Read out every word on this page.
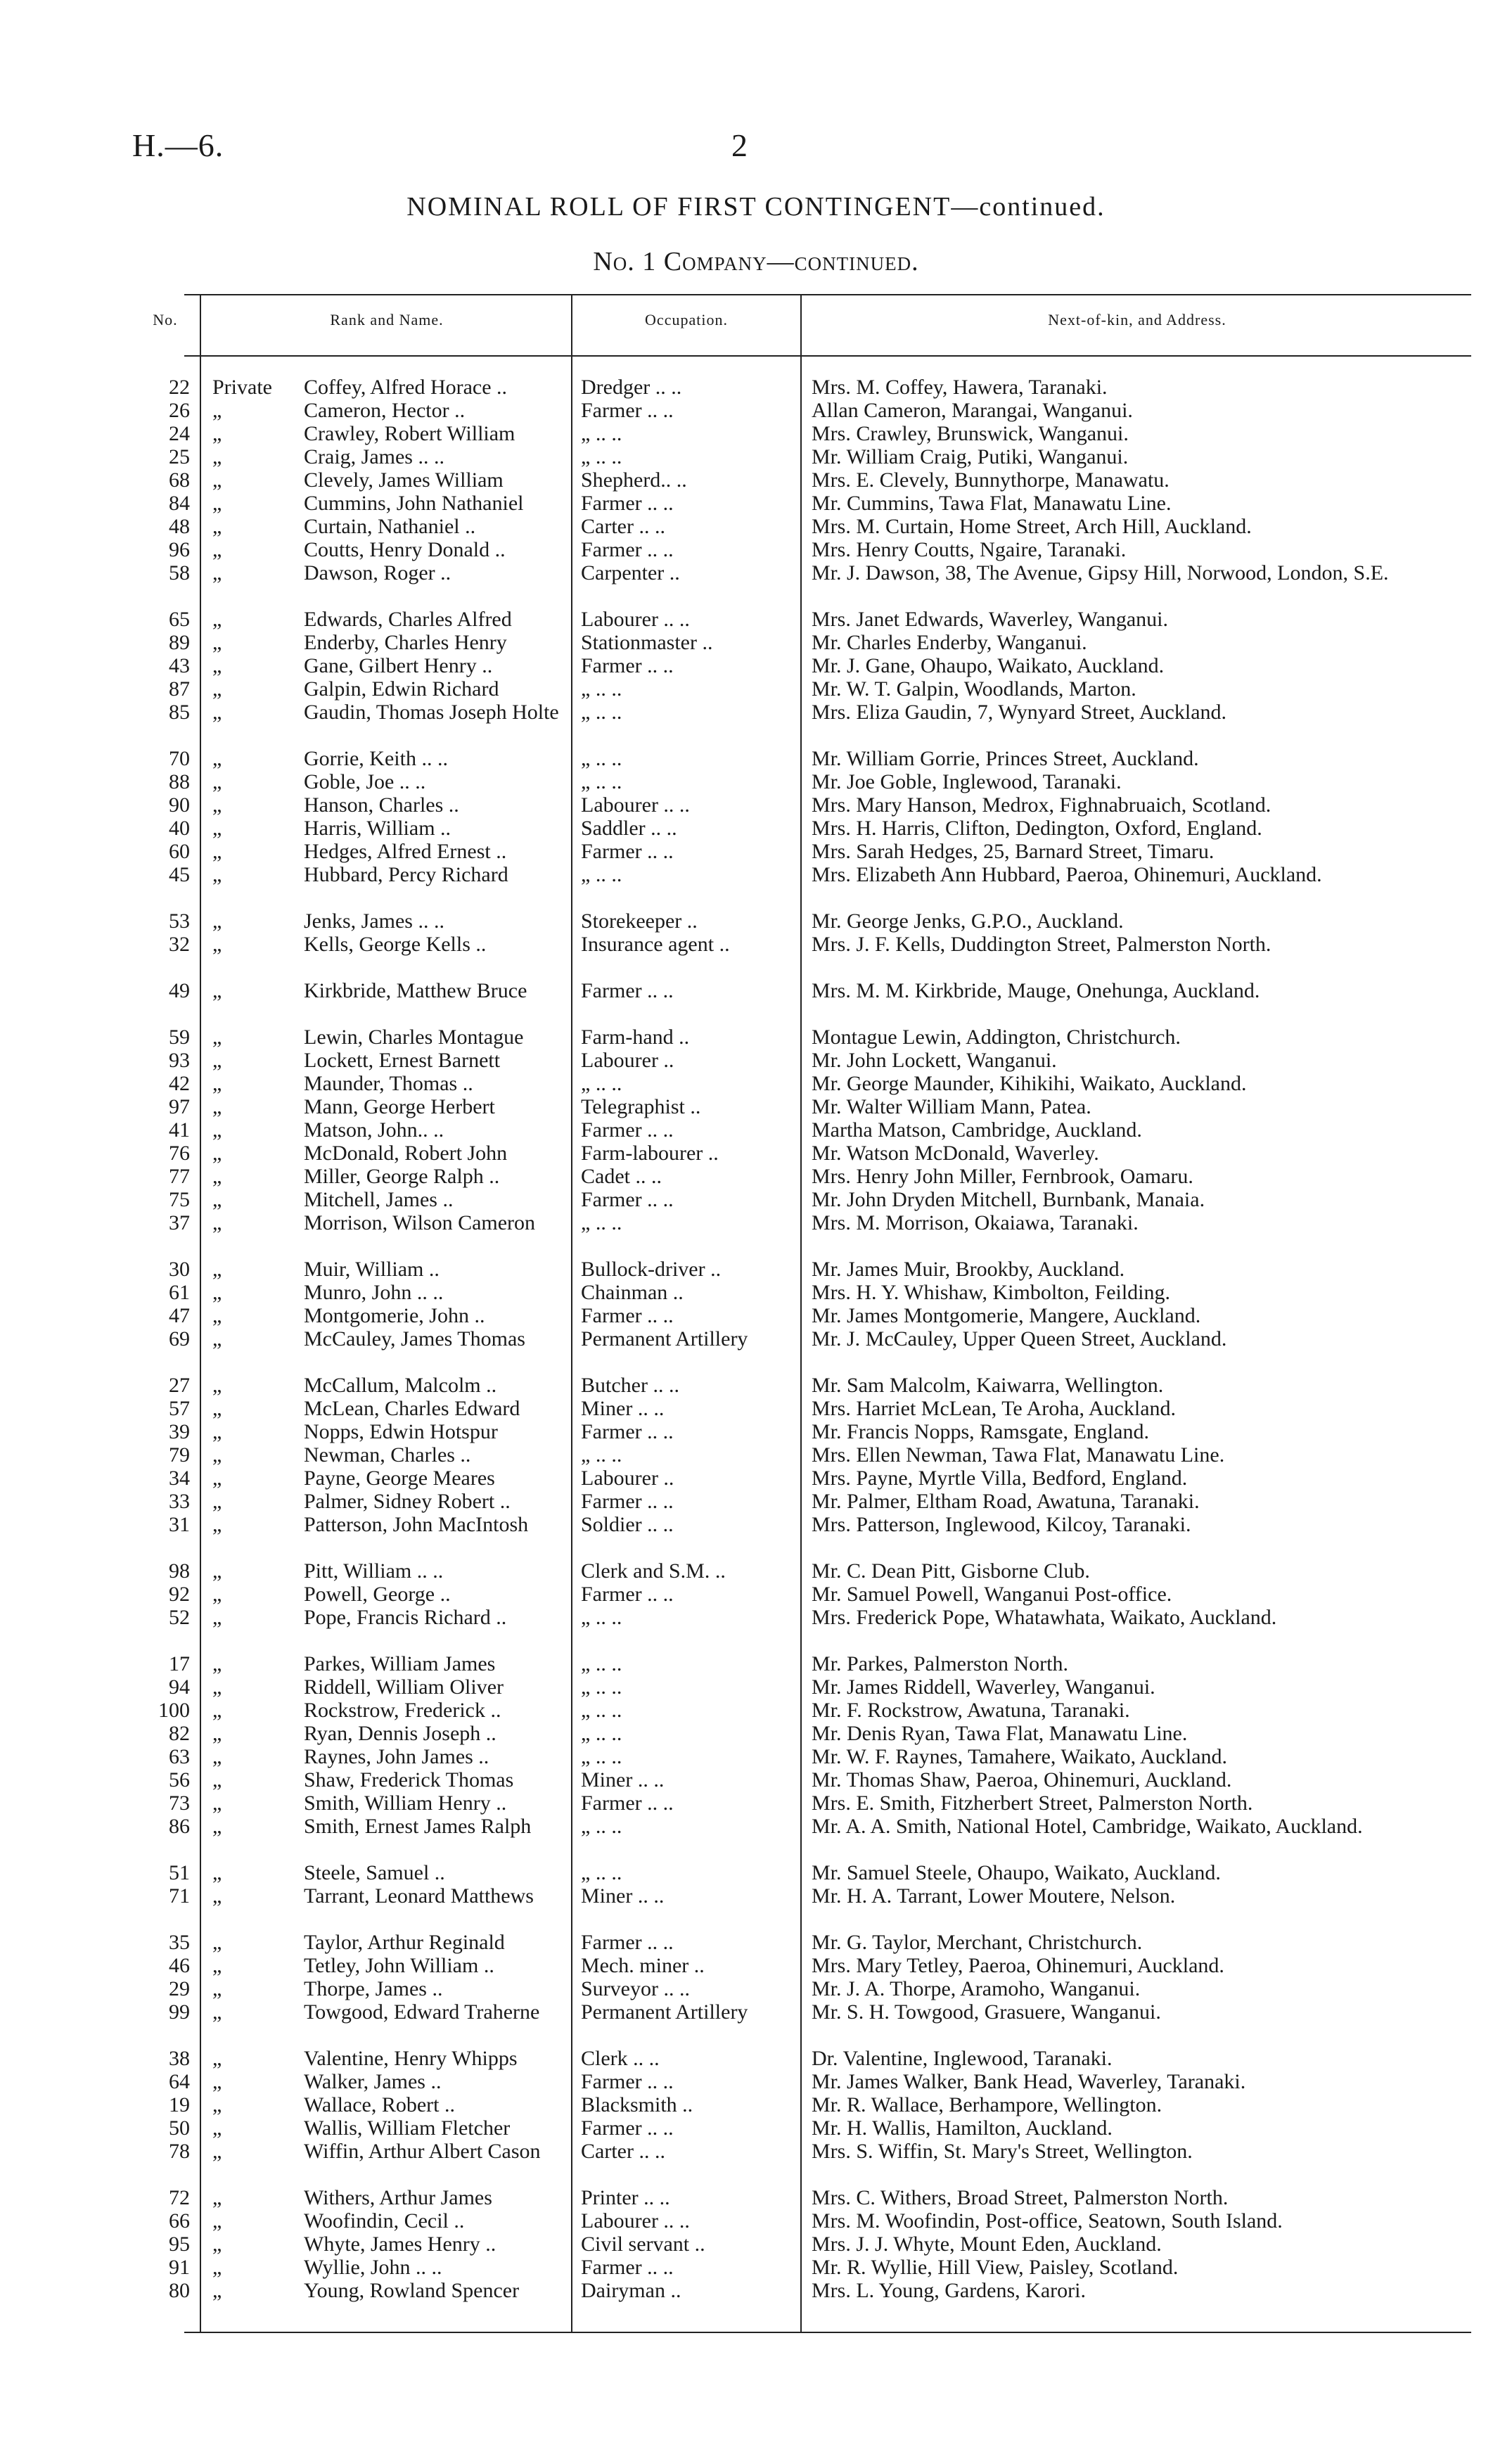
H.—6.	2
NOMINAL ROLL OF FIRST CONTINGENT—continued.
No. 1 Company—continued.
No.	Rank and Name.	Occupation.	Next-of-kin, and Address.
22 Private	Coffey, Alfred Horace ..	Dredger .. ..	Mrs. M. Coffey, Hawera, Taranaki.
26 „	Cameron, Hector ..	Farmer .. ..	Allan Cameron, Marangai, Wanganui.
24 „	Crawley, Robert William	„ .. ..	Mrs. Crawley, Brunswick, Wanganui.
25 „	Craig, James .. ..	„ .. ..	Mr. William Craig, Putiki, Wanganui.
68 „	Clevely, James William	Shepherd.. ..	Mrs. E. Clevely, Bunnythorpe, Manawatu.
84 „	Cummins, John Nathaniel	Farmer .. ..	Mr. Cummins, Tawa Flat, Manawatu Line.
48 „	Curtain, Nathaniel ..	Carter .. ..	Mrs. M. Curtain, Home Street, Arch Hill, Auckland.
96 „	Coutts, Henry Donald ..	Farmer .. ..	Mrs. Henry Coutts, Ngaire, Taranaki.
58 „	Dawson, Roger ..	Carpenter ..	Mr. J. Dawson, 38, The Avenue, Gipsy Hill, Norwood, London, S.E.
65 „	Edwards, Charles Alfred	Labourer .. ..	Mrs. Janet Edwards, Waverley, Wanganui.
89 „	Enderby, Charles Henry	Stationmaster ..	Mr. Charles Enderby, Wanganui.
43 „	Gane, Gilbert Henry ..	Farmer .. ..	Mr. J. Gane, Ohaupo, Waikato, Auckland.
87 „	Galpin, Edwin Richard	„ .. ..	Mr. W. T. Galpin, Woodlands, Marton.
85 „	Gaudin, Thomas Joseph Holte „ .. ..	Mrs. Eliza Gaudin, 7, Wynyard Street, Auckland.
70 „	Gorrie, Keith .. ..	„ .. ..	Mr. William Gorrie, Princes Street, Auckland.
88 „	Goble, Joe .. ..	„ .. ..	Mr. Joe Goble, Inglewood, Taranaki.
90 „	Hanson, Charles ..	Labourer .. ..	Mrs. Mary Hanson, Medrox, Fighnabruaich, Scotland.
40 „	Harris, William ..	Saddler .. ..	Mrs. H. Harris, Clifton, Dedington, Oxford, England.
60 „	Hedges, Alfred Ernest ..	Farmer .. ..	Mrs. Sarah Hedges, 25, Barnard Street, Timaru.
45 „	Hubbard, Percy Richard	„ .. ..	Mrs. Elizabeth Ann Hubbard, Paeroa, Ohinemuri, Auckland.
53 „	Jenks, James .. ..	Storekeeper ..	Mr. George Jenks, G.P.O., Auckland.
32 „	Kells, George Kells ..	Insurance agent ..	Mrs. J. F. Kells, Duddington Street, Palmerston North.
49 „	Kirkbride, Matthew Bruce	Farmer .. ..	Mrs. M. M. Kirkbride, Mauge, Onehunga, Auckland.
59 „	Lewin, Charles Montague	Farm-hand ..	Montague Lewin, Addington, Christchurch.
93 „	Lockett, Ernest Barnett	Labourer ..	Mr. John Lockett, Wanganui.
42 „	Maunder, Thomas ..	„ .. ..	Mr. George Maunder, Kihikihi, Waikato, Auckland.
97 „	Mann, George Herbert	Telegraphist ..	Mr. Walter William Mann, Patea.
41 „	Matson, John.. ..	Farmer .. ..	Martha Matson, Cambridge, Auckland.
76 „	McDonald, Robert John	Farm-labourer ..	Mr. Watson McDonald, Waverley.
77 „	Miller, George Ralph ..	Cadet .. ..	Mrs. Henry John Miller, Fernbrook, Oamaru.
75 „	Mitchell, James ..	Farmer .. ..	Mr. John Dryden Mitchell, Burnbank, Manaia.
37 „	Morrison, Wilson Cameron	„ .. ..	Mrs. M. Morrison, Okaiawa, Taranaki.
30 „	Muir, William ..	Bullock-driver ..	Mr. James Muir, Brookby, Auckland.
61 „	Munro, John .. ..	Chainman ..	Mrs. H. Y. Whishaw, Kimbolton, Feilding.
47 „	Montgomerie, John ..	Farmer .. ..	Mr. James Montgomerie, Mangere, Auckland.
69 „	McCauley, James Thomas	Permanent Artillery	Mr. J. McCauley, Upper Queen Street, Auckland.
27 „	McCallum, Malcolm ..	Butcher .. ..	Mr. Sam Malcolm, Kaiwarra, Wellington.
57 „	McLean, Charles Edward	Miner .. ..	Mrs. Harriet McLean, Te Aroha, Auckland.
39 „	Nopps, Edwin Hotspur	Farmer .. ..	Mr. Francis Nopps, Ramsgate, England.
79 „	Newman, Charles ..	„ .. ..	Mrs. Ellen Newman, Tawa Flat, Manawatu Line.
34 „	Payne, George Meares	Labourer ..	Mrs. Payne, Myrtle Villa, Bedford, England.
33 „	Palmer, Sidney Robert ..	Farmer .. ..	Mr. Palmer, Eltham Road, Awatuna, Taranaki.
31 „	Patterson, John MacIntosh	Soldier .. ..	Mrs. Patterson, Inglewood, Kilcoy, Taranaki.
98 „	Pitt, William .. ..	Clerk and S.M. ..	Mr. C. Dean Pitt, Gisborne Club.
92 „	Powell, George ..	Farmer .. ..	Mr. Samuel Powell, Wanganui Post-office.
52 „	Pope, Francis Richard ..	„ .. ..	Mrs. Frederick Pope, Whatawhata, Waikato, Auckland.
17 „	Parkes, William James	„ .. ..	Mr. Parkes, Palmerston North.
94 „	Riddell, William Oliver	„ .. ..	Mr. James Riddell, Waverley, Wanganui.
100 „	Rockstrow, Frederick ..	„ .. ..	Mr. F. Rockstrow, Awatuna, Taranaki.
82 „	Ryan, Dennis Joseph ..	„ .. ..	Mr. Denis Ryan, Tawa Flat, Manawatu Line.
63 „	Raynes, John James ..	„ .. ..	Mr. W. F. Raynes, Tamahere, Waikato, Auckland.
56 „	Shaw, Frederick Thomas	Miner .. ..	Mr. Thomas Shaw, Paeroa, Ohinemuri, Auckland.
73 „	Smith, William Henry ..	Farmer .. ..	Mrs. E. Smith, Fitzherbert Street, Palmerston North.
86 „	Smith, Ernest James Ralph	„ .. ..	Mr. A. A. Smith, National Hotel, Cambridge, Waikato, Auckland.
51 „	Steele, Samuel ..	„ .. ..	Mr. Samuel Steele, Ohaupo, Waikato, Auckland.
71 „	Tarrant, Leonard Matthews	Miner .. ..	Mr. H. A. Tarrant, Lower Moutere, Nelson.
35 „	Taylor, Arthur Reginald	Farmer .. ..	Mr. G. Taylor, Merchant, Christchurch.
46 „	Tetley, John William ..	Mech. miner ..	Mrs. Mary Tetley, Paeroa, Ohinemuri, Auckland.
29 „	Thorpe, James ..	Surveyor .. ..	Mr. J. A. Thorpe, Aramoho, Wanganui.
99 „	Towgood, Edward Traherne	Permanent Artillery	Mr. S. H. Towgood, Grasuere, Wanganui.
38 „	Valentine, Henry Whipps	Clerk .. ..	Dr. Valentine, Inglewood, Taranaki.
64 „	Walker, James ..	Farmer .. ..	Mr. James Walker, Bank Head, Waverley, Taranaki.
19 „	Wallace, Robert ..	Blacksmith ..	Mr. R. Wallace, Berhampore, Wellington.
50 „	Wallis, William Fletcher	Farmer .. ..	Mr. H. Wallis, Hamilton, Auckland.
78 „	Wiffin, Arthur Albert Cason	Carter .. ..	Mrs. S. Wiffin, St. Mary's Street, Wellington.
72 „	Withers, Arthur James	Printer .. ..	Mrs. C. Withers, Broad Street, Palmerston North.
66 „	Woofindin, Cecil ..	Labourer .. ..	Mrs. M. Woofindin, Post-office, Seatown, South Island.
95 „	Whyte, James Henry ..	Civil servant ..	Mrs. J. J. Whyte, Mount Eden, Auckland.
91 „	Wyllie, John .. ..	Farmer .. ..	Mr. R. Wyllie, Hill View, Paisley, Scotland.
80 „	Young, Rowland Spencer	Dairyman ..	Mrs. L. Young, Gardens, Karori.
